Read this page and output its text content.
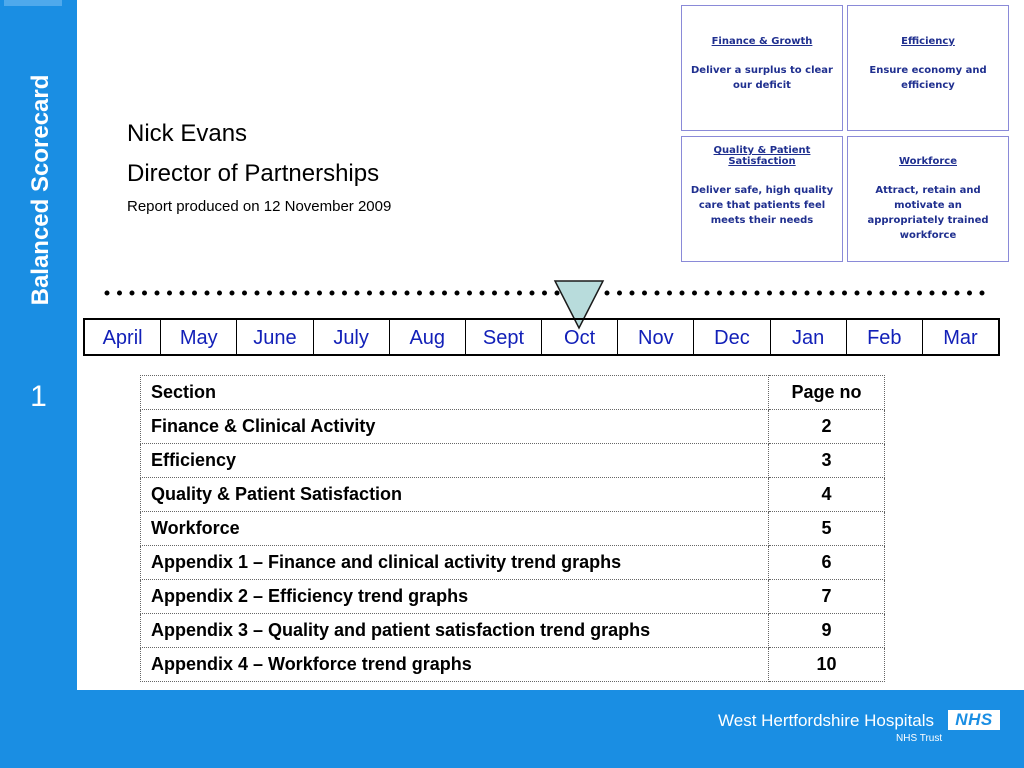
Balanced Scorecard
1
Nick Evans
Director of Partnerships
Report produced on 12 November 2009
Finance & Growth
Deliver a surplus to clear our deficit
Efficiency
Ensure economy and efficiency
Quality & Patient Satisfaction
Deliver safe, high quality care that patients feel meets their needs
Workforce
Attract, retain and motivate an appropriately trained workforce
April	May	June	July	Aug	Sept	Oct	Nov	Dec	Jan	Feb	Mar
Section	Page no
Finance & Clinical Activity	2
Efficiency	3
Quality & Patient Satisfaction	4
Workforce	5
Appendix 1 – Finance and clinical activity trend graphs	6
Appendix 2 – Efficiency trend graphs	7
Appendix 3 – Quality and patient satisfaction trend graphs	9
Appendix 4 – Workforce trend graphs	10
West Hertfordshire Hospitals	NHS
NHS Trust
